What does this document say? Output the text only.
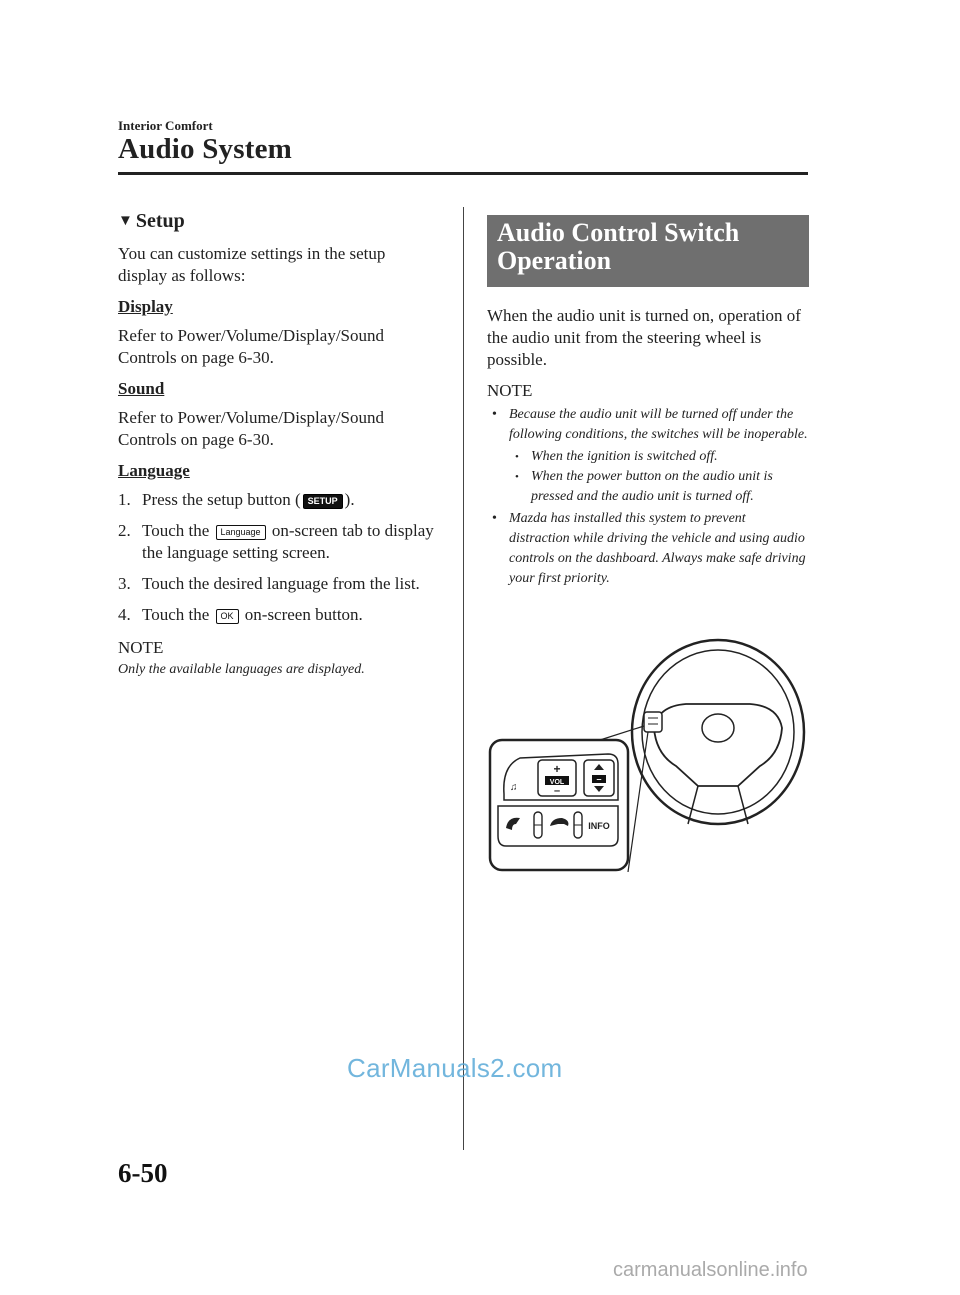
Interior Comfort
Audio System
▼ Setup

You can customize settings in the setup display as follows:

Display

Refer to Power/Volume/Display/Sound Controls on page 6-30.

Sound

Refer to Power/Volume/Display/Sound Controls on page 6-30.

Language
1. Press the setup button ( SETUP ).
2. Touch the Language on-screen tab to display the language setting screen.
3. Touch the desired language from the list.
4. Touch the OK on-screen button.
NOTE

Only the available languages are displayed.

Audio Control Switch Operation

When the audio unit is turned on, operation of the audio unit from the steering wheel is possible.

NOTE
• Because the audio unit will be turned off under the following conditions, the switches will be inoperable.
• When the ignition is switched off.
• When the power button on the audio unit is pressed and the audio unit is turned off.
• Mazda has installed this system to prevent distraction while driving the vehicle and using audio controls on the dashboard. Always make safe driving your first priority.
♫
+
VOL
–
–
INFO
6-50
CarManuals2.com
carmanualsonline.info
